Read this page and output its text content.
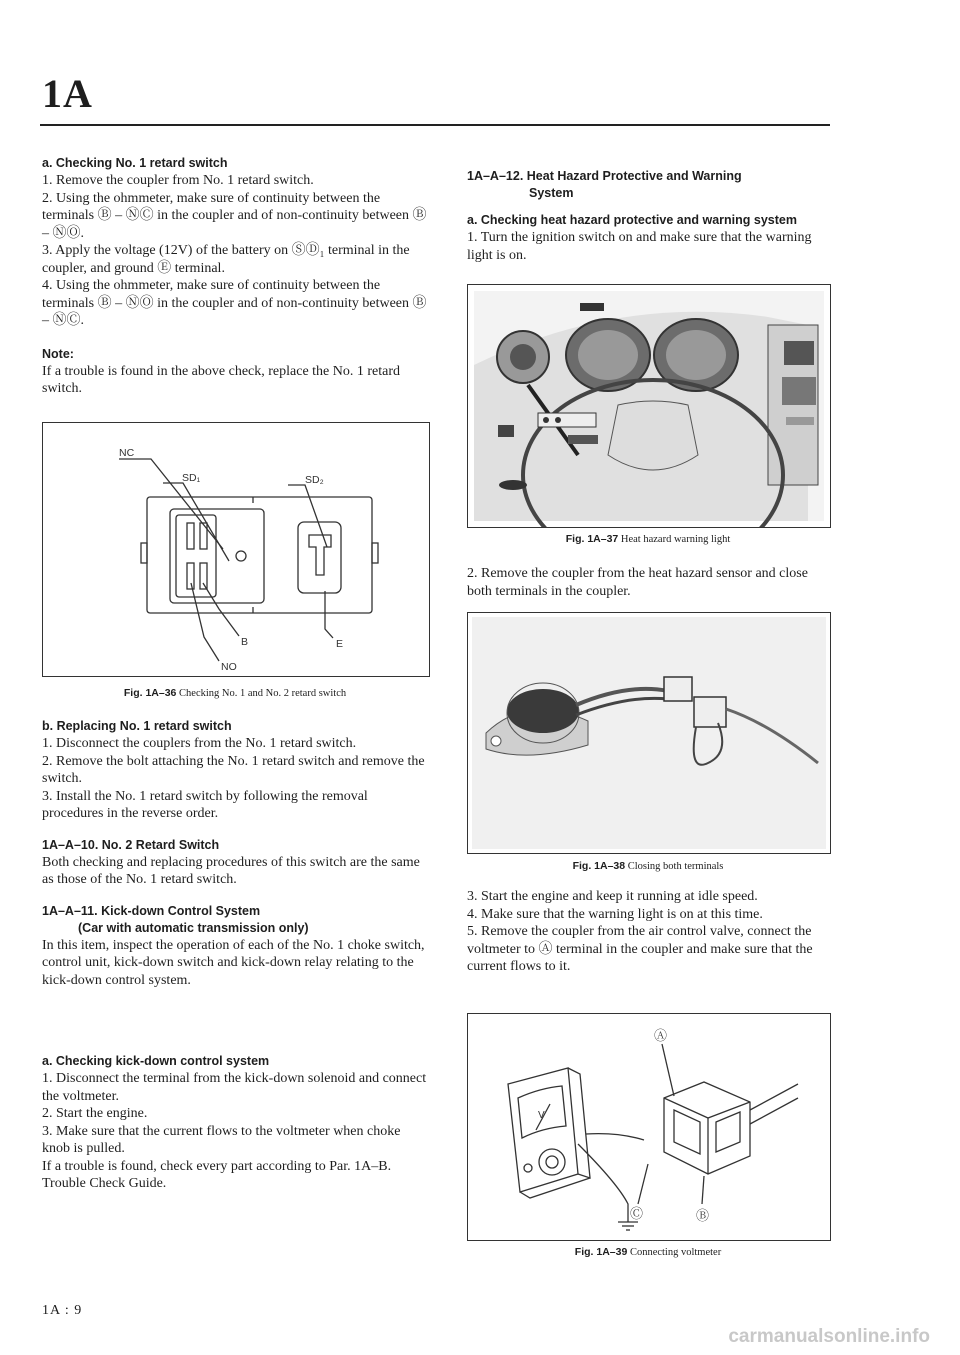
1A

a. Checking No. 1 retard switch

1. Remove the coupler from No. 1 retard switch.

2. Using the ohmmeter, make sure of continuity between the terminals Ⓑ – ⓃⒸ in the coupler and of non-continuity between Ⓑ – ⓃⓄ.

3. Apply the voltage (12V) of the battery on ⓈⒹ₁ terminal in the coupler, and ground Ⓔ terminal.

4. Using the ohmmeter, make sure of continuity between the terminals Ⓑ – ⓃⓄ in the coupler and of non-continuity between Ⓑ – ⓃⒸ.

Note:

If a trouble is found in the above check, replace the No. 1 retard switch.

NC
SD₁	SD₂
B	E
NO
Fig. 1A–36 Checking No. 1 and No. 2 retard switch

b. Replacing No. 1 retard switch

1. Disconnect the couplers from the No. 1 retard switch.

2. Remove the bolt attaching the No. 1 retard switch and remove the switch.

3. Install the No. 1 retard switch by following the removal procedures in the reverse order.

1A–A–10. No. 2 Retard Switch

Both checking and replacing procedures of this switch are the same as those of the No. 1 retard switch.

1A–A–11. Kick-down Control System

(Car with automatic transmission only)

In this item, inspect the operation of each of the No. 1 choke switch, control unit, kick-down switch and kick-down relay relating to the kick-down control system.

a. Checking kick-down control system

1. Disconnect the terminal from the kick-down solenoid and connect the voltmeter.

2. Start the engine.

3. Make sure that the current flows to the voltmeter when choke knob is pulled.

If a trouble is found, check every part according to Par. 1A–B. Trouble Check Guide.

1A–A–12. Heat Hazard Protective and Warning

System

a. Checking heat hazard protective and warning system

1. Turn the ignition switch on and make sure that the warning light is on.

Fig. 1A–37 Heat hazard warning light

2. Remove the coupler from the heat hazard sensor and close both terminals in the coupler.

Fig. 1A–38 Closing both terminals

3. Start the engine and keep it running at idle speed.

4. Make sure that the warning light is on at this time.

5. Remove the coupler from the air control valve, connect the voltmeter to Ⓐ terminal in the coupler and make sure that the current flows to it.

V
Ⓐ
Ⓒ	Ⓑ
Fig. 1A–39 Connecting voltmeter
1A : 9
carmanualsonline.info
